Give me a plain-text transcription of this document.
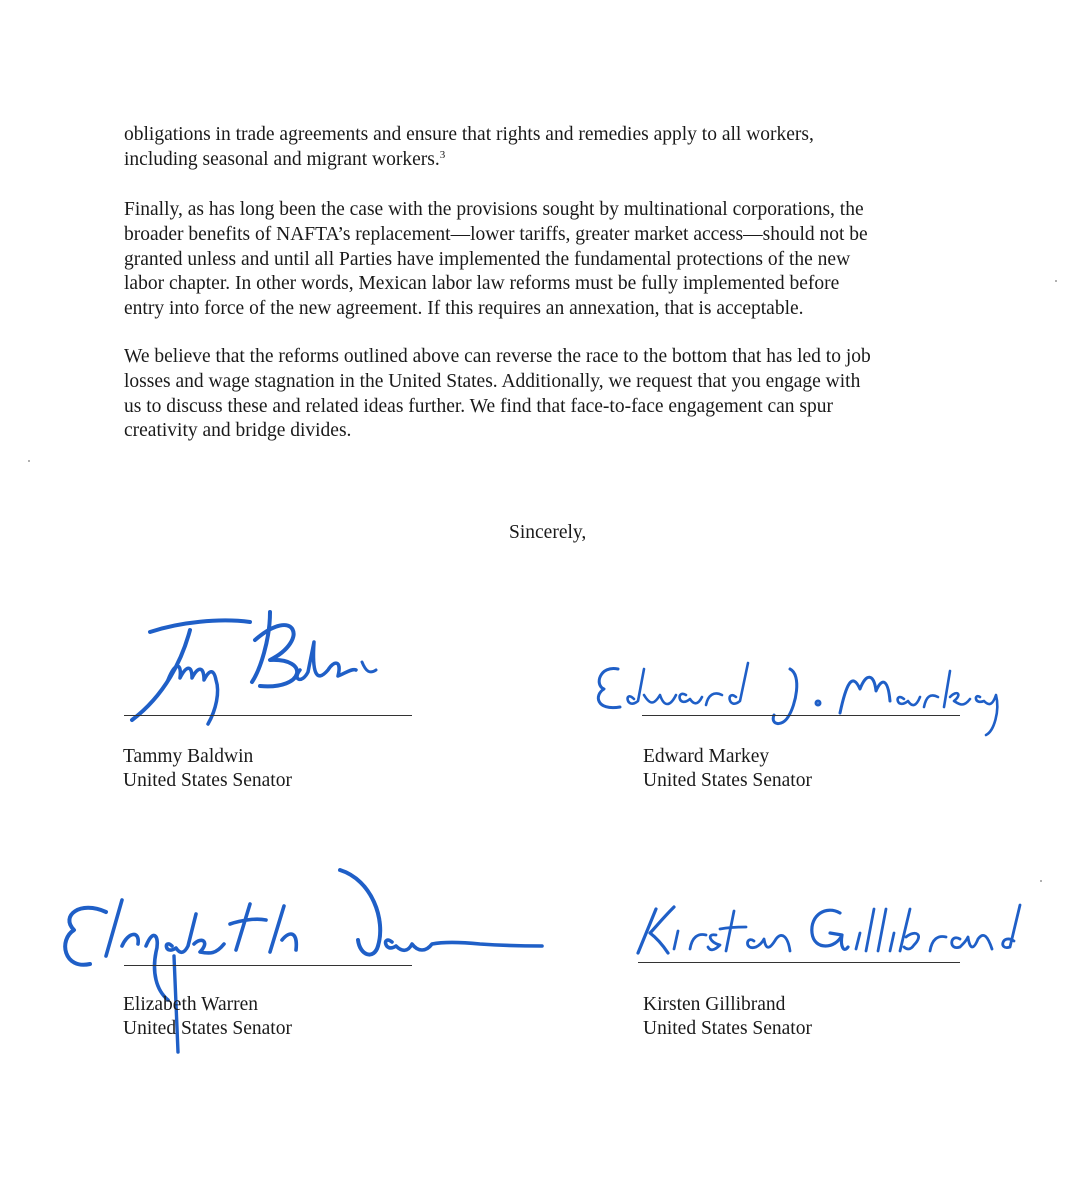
obligations in trade agreements and ensure that rights and remedies apply to all workers,
including seasonal and migrant workers.$^3$
Finally, as has long been the case with the provisions sought by multinational corporations, the
broader benefits of NAFTA’s replacement—lower tariffs, greater market access—should not be
granted unless and until all Parties have implemented the fundamental protections of the new
labor chapter. In other words, Mexican labor law reforms must be fully implemented before
entry into force of the new agreement. If this requires an annexation, that is acceptable.
We believe that the reforms outlined above can reverse the race to the bottom that has led to job
losses and wage stagnation in the United States. Additionally, we request that you engage with
us to discuss these and related ideas further. We find that face-to-face engagement can spur
creativity and bridge divides.
Sincerely,
Tammy Baldwin
United States Senator
Edward Markey
United States Senator
Elizabeth Warren
United States Senator
Kirsten Gillibrand
United States Senator
